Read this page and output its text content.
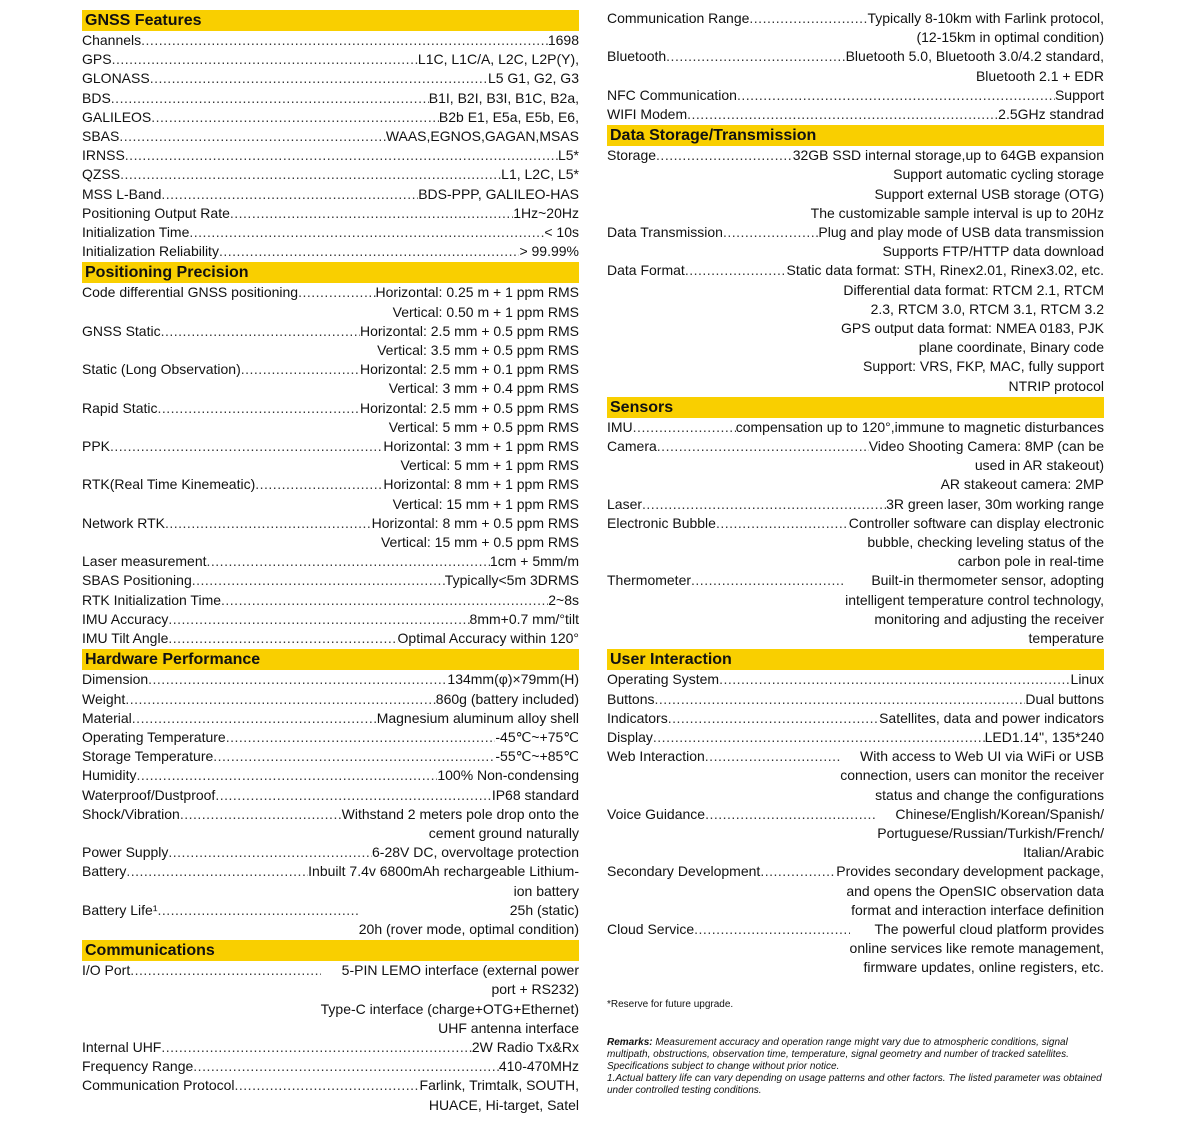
GNSS Features
Channels .....	1698
GPS .....	L1C, L1C/A, L2C, L2P(Y),
GLONASS .....	L5 G1, G2, G3
BDS .....	B1I, B2I, B3I, B1C, B2a,
GALILEOS .....	B2b E1, E5a, E5b, E6,
SBAS .....	WAAS,EGNOS,GAGAN,MSAS
IRNSS .....	L5*
QZSS .....	L1, L2C, L5*
MSS L-Band .....	BDS-PPP, GALILEO-HAS
Positioning Output Rate .....	1Hz~20Hz
Initialization Time .....	< 10s
Initialization Reliability .....	> 99.99%
Positioning Precision
Code differential GNSS positioning .....	Horizontal: 0.25 m + 1 ppm RMS
Vertical: 0.50 m + 1 ppm RMS
GNSS Static .....	Horizontal: 2.5 mm + 0.5 ppm RMS
Vertical: 3.5 mm + 0.5 ppm RMS
Static (Long Observation) .....	Horizontal: 2.5 mm + 0.1 ppm RMS
Vertical: 3 mm + 0.4 ppm RMS
Rapid Static .....	Horizontal: 2.5 mm + 0.5 ppm RMS
Vertical: 5 mm + 0.5 ppm RMS
PPK .....	Horizontal: 3 mm + 1 ppm RMS
Vertical: 5 mm + 1 ppm RMS
RTK(Real Time Kinemeatic) .....	Horizontal: 8 mm + 1 ppm RMS
Vertical: 15 mm + 1 ppm RMS
Network RTK .....	Horizontal: 8 mm + 0.5 ppm RMS
Vertical: 15 mm + 0.5 ppm RMS
Laser measurement .....	1cm + 5mm/m
SBAS Positioning .....	Typically<5m 3DRMS
RTK Initialization Time .....	2~8s
IMU Accuracy .....	8mm+0.7 mm/°tilt
IMU Tilt Angle .....	Optimal Accuracy within 120°
Hardware Performance
Dimension .....	134mm(φ)×79mm(H)
Weight .....	860g (battery included)
Material .....	Magnesium aluminum alloy shell
Operating Temperature .....	-45℃~+75℃
Storage Temperature .....	-55℃~+85℃
Humidity .....	100% Non-condensing
Waterproof/Dustproof .....	IP68 standard
Shock/Vibration .....	Withstand 2 meters pole drop onto the
cement ground naturally
Power Supply .....	6-28V DC, overvoltage protection
Battery .....	Inbuilt 7.4v 6800mAh rechargeable Lithium-
ion battery
Battery Life¹ .....	25h (static)
20h (rover mode, optimal condition)
Communications
I/O Port .....	5-PIN LEMO interface (external power
port + RS232)
Type-C interface (charge+OTG+Ethernet)
UHF antenna interface
Internal UHF .....	2W Radio Tx&Rx
Frequency Range .....	410-470MHz
Communication Protocol .....	Farlink, Trimtalk, SOUTH,
HUACE, Hi-target, Satel
Communication Range .....	Typically 8-10km with Farlink protocol,
(12-15km in optimal condition)
Bluetooth .....	Bluetooth 5.0, Bluetooth 3.0/4.2 standard,
Bluetooth 2.1 + EDR
NFC Communication .....	Support
WIFI Modem .....	2.5GHz standrad
Data Storage/Transmission
Storage .....	32GB SSD internal storage,up to 64GB expansion
Support automatic cycling storage
Support external USB storage (OTG)
The customizable sample interval is up to 20Hz
Data Transmission .....	Plug and play mode of USB data transmission
Supports FTP/HTTP data download
Data Format .....	Static data format: STH, Rinex2.01, Rinex3.02, etc.
Differential data format: RTCM 2.1, RTCM
2.3, RTCM 3.0, RTCM 3.1, RTCM 3.2
GPS output data format: NMEA 0183, PJK
plane coordinate, Binary code
Support: VRS, FKP, MAC, fully support
NTRIP protocol
Sensors
IMU .....	compensation up to 120°,immune to magnetic disturbances
Camera .....	Video Shooting Camera: 8MP (can be
used in AR stakeout)
AR stakeout camera: 2MP
Laser .....	3R green laser, 30m working range
Electronic Bubble .....	Controller software can display electronic
bubble, checking leveling status of the
carbon pole in real-time
Thermometer .....	Built-in thermometer sensor, adopting
intelligent temperature control technology,
monitoring and adjusting the receiver
temperature
User Interaction
Operating System .....	Linux
Buttons .....	Dual buttons
Indicators .....	Satellites, data and power indicators
Display .....	LED1.14", 135*240
Web Interaction .....	With access to Web UI via WiFi or USB
connection, users can monitor the receiver
status and change the configurations
Voice Guidance .....	Chinese/English/Korean/Spanish/
Portuguese/Russian/Turkish/French/
Italian/Arabic
Secondary Development .....	Provides secondary development package,
and opens the OpenSIC observation data
format and interaction interface definition
Cloud Service .....	The powerful cloud platform provides
online services like remote management,
firmware updates, online registers, etc.
*Reserve for future upgrade.
Remarks: Measurement accuracy and operation range might vary due to atmospheric conditions, signal multipath, obstructions, observation time, temperature, signal geometry and number of tracked satellites. Specifications subject to change without prior notice.
1.Actual battery life can vary depending on usage patterns and other factors. The listed parameter was obtained under controlled testing conditions.
